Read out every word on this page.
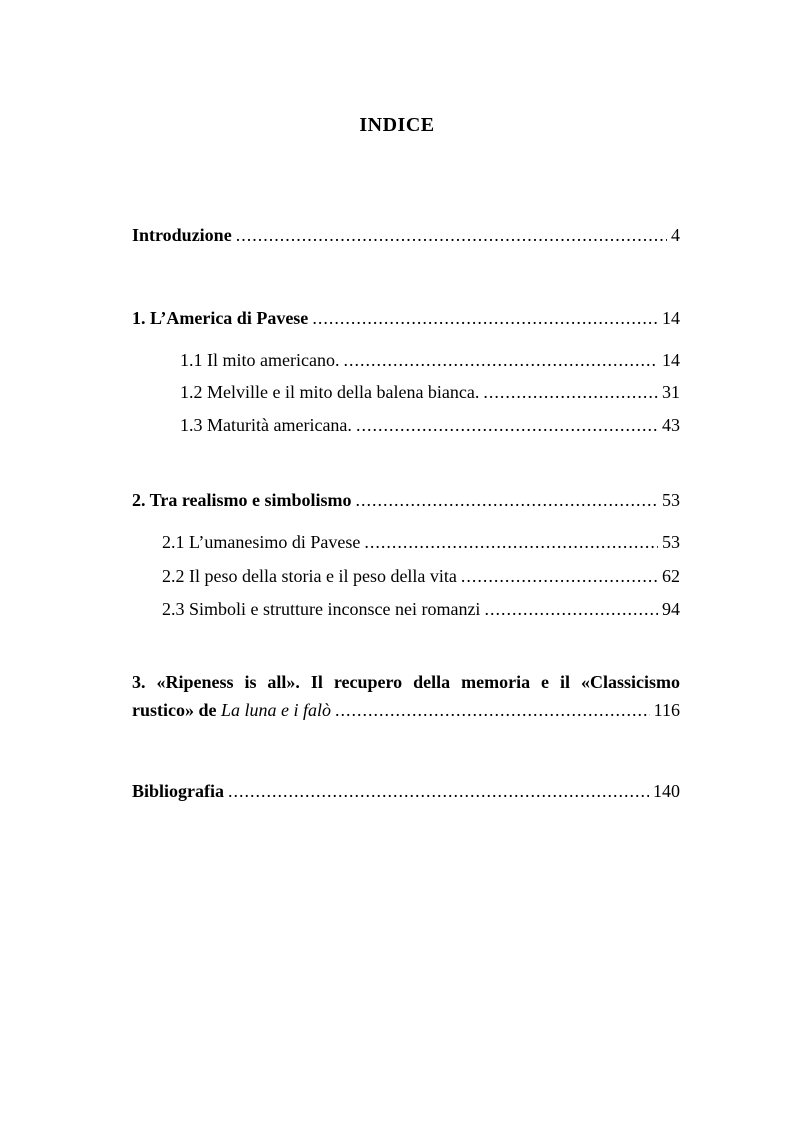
INDICE
Introduzione .....	4
1. L’America di Pavese .....	14
1.1 Il mito americano. .....	14
1.2 Melville e il mito della balena bianca. .....	31
1.3 Maturità americana. .....	43
2. Tra realismo e simbolismo .....	53
2.1 L’umanesimo di Pavese .....	53
2.2 Il peso della storia e il peso della vita .....	62
2.3 Simboli e strutture inconsce nei romanzi .....	94
3. «Ripeness is all». Il recupero della memoria e il «Classicismo
rustico» de La luna e i falò .....	116
Bibliografia .....	140
